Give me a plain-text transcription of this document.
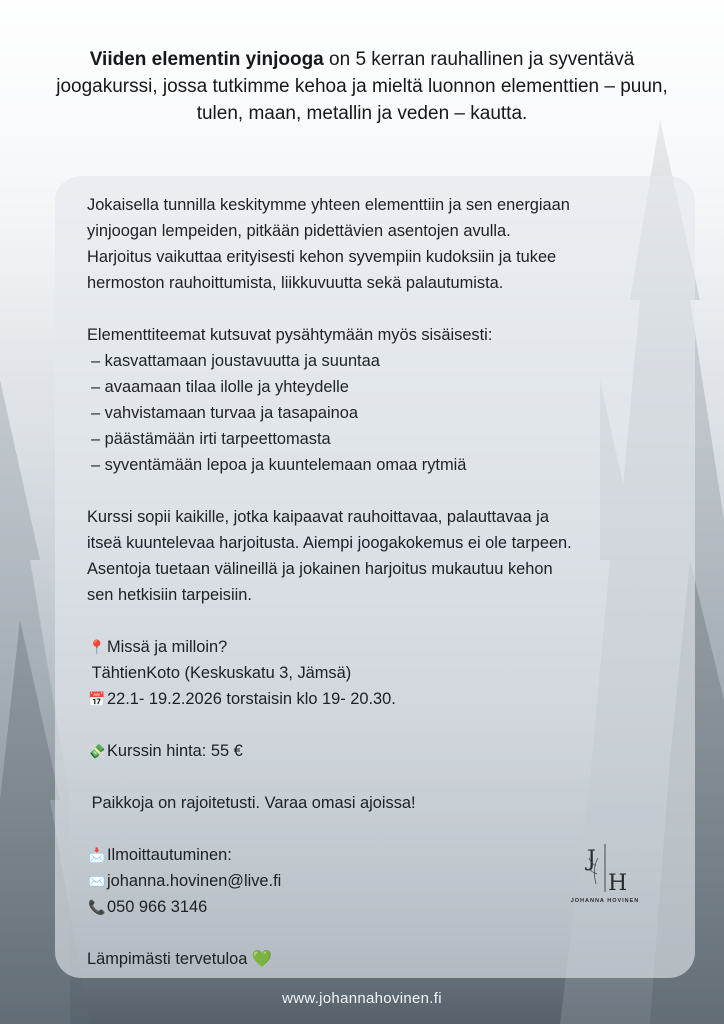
Viiden elementin yinjooga on 5 kerran rauhallinen ja syventävä joogakurssi, jossa tutkimme kehoa ja mieltä luonnon elementtien – puun, tulen, maan, metallin ja veden – kautta.

Jokaisella tunnilla keskitymme yhteen elementtiin ja sen energiaan
yinjoogan lempeiden, pitkään pidettävien asentojen avulla.
Harjoitus vaikuttaa erityisesti kehon syvempiin kudoksiin ja tukee
hermoston rauhoittumista, liikkuvuutta sekä palautumista.

Elementtiteemat kutsuvat pysähtymään myös sisäisesti:

– kasvattamaan joustavuutta ja suuntaa
– avaamaan tilaa ilolle ja yhteydelle
– vahvistamaan turvaa ja tasapainoa
– päästämään irti tarpeettomasta
– syventämään lepoa ja kuuntelemaan omaa rytmiä

Kurssi sopii kaikille, jotka kaipaavat rauhoittavaa, palauttavaa ja
itseä kuuntelevaa harjoitusta. Aiempi joogakokemus ei ole tarpeen.
Asentoja tuetaan välineillä ja jokainen harjoitus mukautuu kehon
sen hetkisiin tarpeisiin.

📍Missä ja milloin?
TähtienKoto (Keskuskatu 3, Jämsä)
📅22.1- 19.2.2026 torstaisin klo 19- 20.30.

💸Kurssin hinta: 55 €

Paikkoja on rajoitetusti. Varaa omasi ajoissa!

📩Ilmoittautuminen:
✉️johanna.hovinen@live.fi
📞050 966 3146

Lämpimästi tervetuloa 💚

J
H
JOHANNA HOVINEN
www.johannahovinen.fi
